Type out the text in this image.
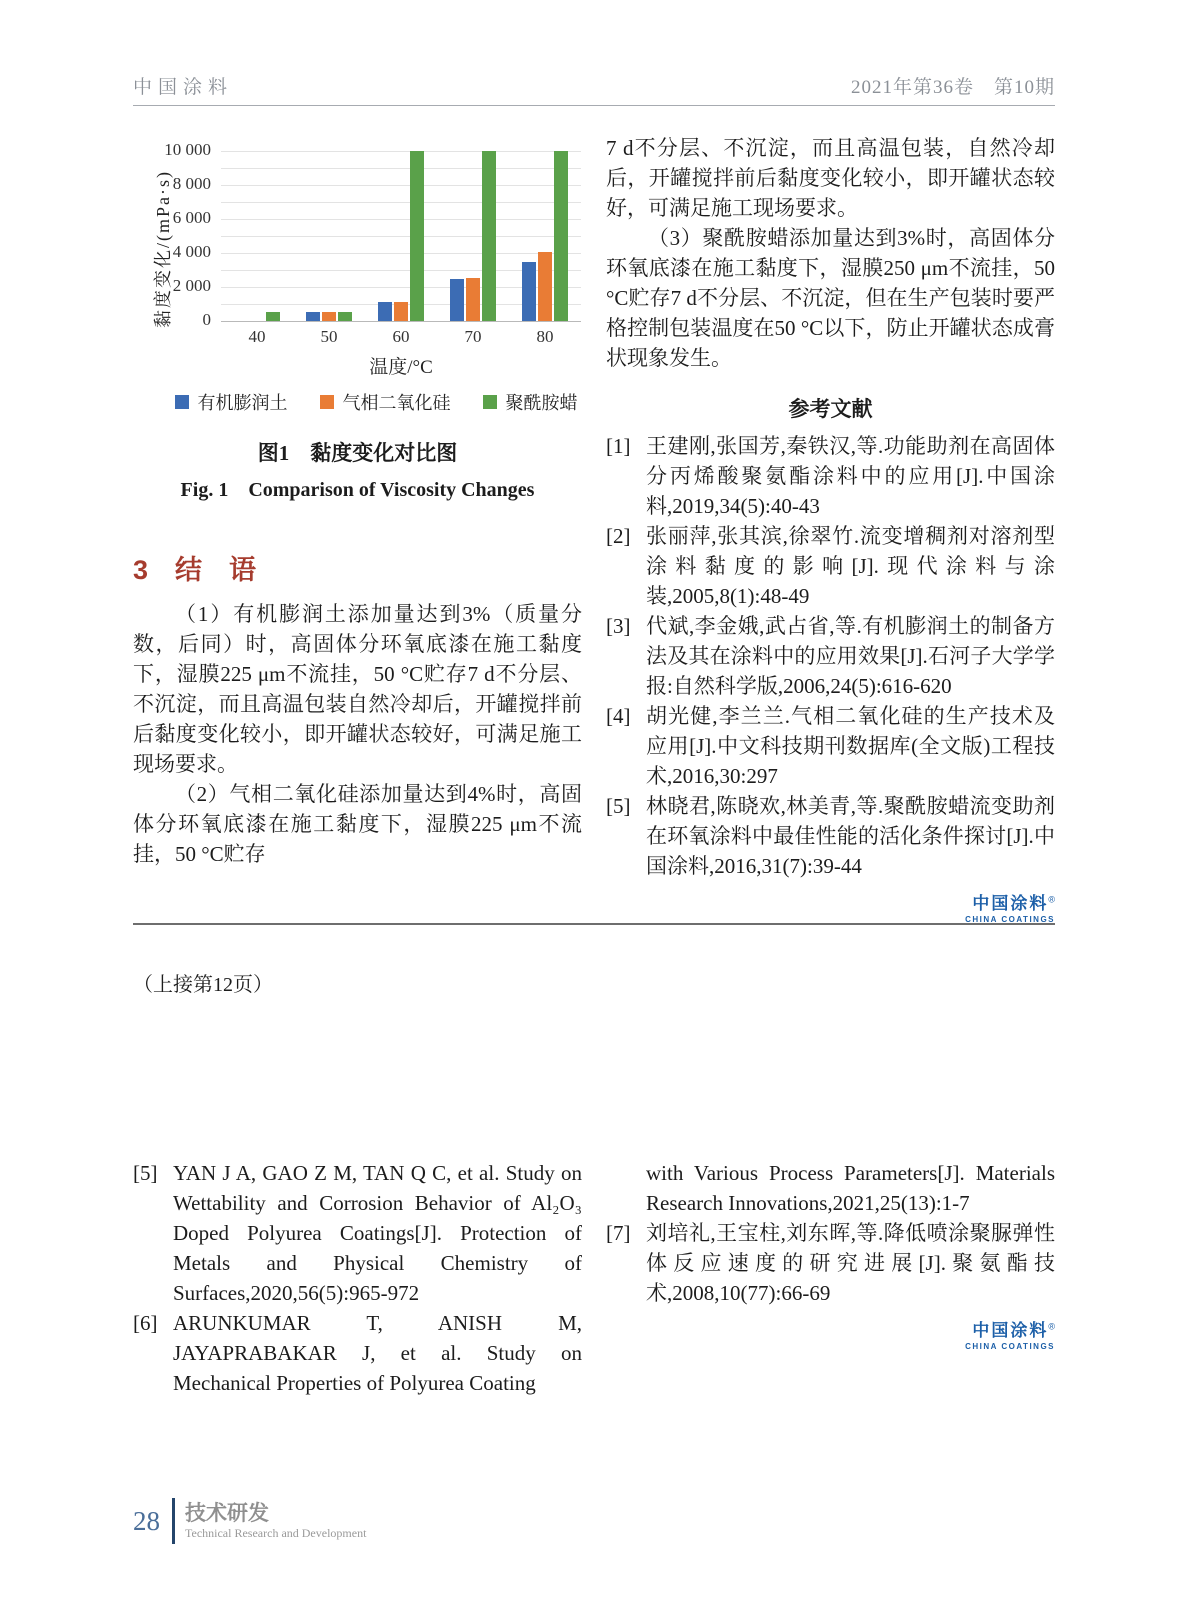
中国涂料	2021年第36卷　第10期
黏度变化/(mPa·s) 0
2 000
4 000
6 000
8 000
10 000
40	50	60	70	80
温度/°C
有机膨润土	气相二氧化硅	聚酰胺蜡
图1　黏度变化对比图
Fig. 1　Comparison of Viscosity Changes
3　结　语

（1）有机膨润土添加量达到3%（质量分数，后同）时，高固体分环氧底漆在施工黏度下，湿膜225 μm不流挂，50 °C贮存7 d不分层、不沉淀，而且高温包装自然冷却后，开罐搅拌前后黏度变化较小，即开罐状态较好，可满足施工现场要求。

（2）气相二氧化硅添加量达到4%时，高固体分环氧底漆在施工黏度下，湿膜225 μm不流挂，50 °C贮存

7 d不分层、不沉淀，而且高温包装，自然冷却后，开罐搅拌前后黏度变化较小，即开罐状态较好，可满足施工现场要求。

（3）聚酰胺蜡添加量达到3%时，高固体分环氧底漆在施工黏度下，湿膜250 μm不流挂，50 °C贮存7 d不分层、不沉淀，但在生产包装时要严格控制包装温度在50 °C以下，防止开罐状态成膏状现象发生。

参考文献
[1] 王建刚,张国芳,秦铁汉,等.功能助剂在高固体分丙烯酸聚氨酯涂料中的应用[J].中国涂料,2019,34(5):40-43
[2] 张丽萍,张其滨,徐翠竹.流变增稠剂对溶剂型涂料黏度的影响[J].现代涂料与涂装,2005,8(1):48-49
[3] 代斌,李金娥,武占省,等.有机膨润土的制备方法及其在涂料中的应用效果[J].石河子大学学报:自然科学版,2006,24(5):616-620
[4] 胡光健,李兰兰.气相二氧化硅的生产技术及应用[J].中文科技期刊数据库(全文版)工程技术,2016,30:297
[5] 林晓君,陈晓欢,林美青,等.聚酰胺蜡流变助剂在环氧涂料中最佳性能的活化条件探讨[J].中国涂料,2016,31(7):39-44
中国涂料®
CHINA COATINGS
（上接第12页）
[5] YAN J A, GAO Z M, TAN Q C, et al. Study on Wettability and Corrosion Behavior of Al₂O₃ Doped Polyurea Coatings[J]. Protection of Metals and Physical Chemistry of Surfaces,2020,56(5):965-972
[6] ARUNKUMAR T, ANISH M, JAYAPRABAKAR J, et al. Study on Mechanical Properties of Polyurea Coating
with Various Process Parameters[J]. Materials Research Innovations,2021,25(13):1-7
[7] 刘培礼,王宝柱,刘东晖,等.降低喷涂聚脲弹性体反应速度的研究进展[J].聚氨酯技术,2008,10(77):66-69
中国涂料®
CHINA COATINGS
28	技术研发
Technical Research and Development
